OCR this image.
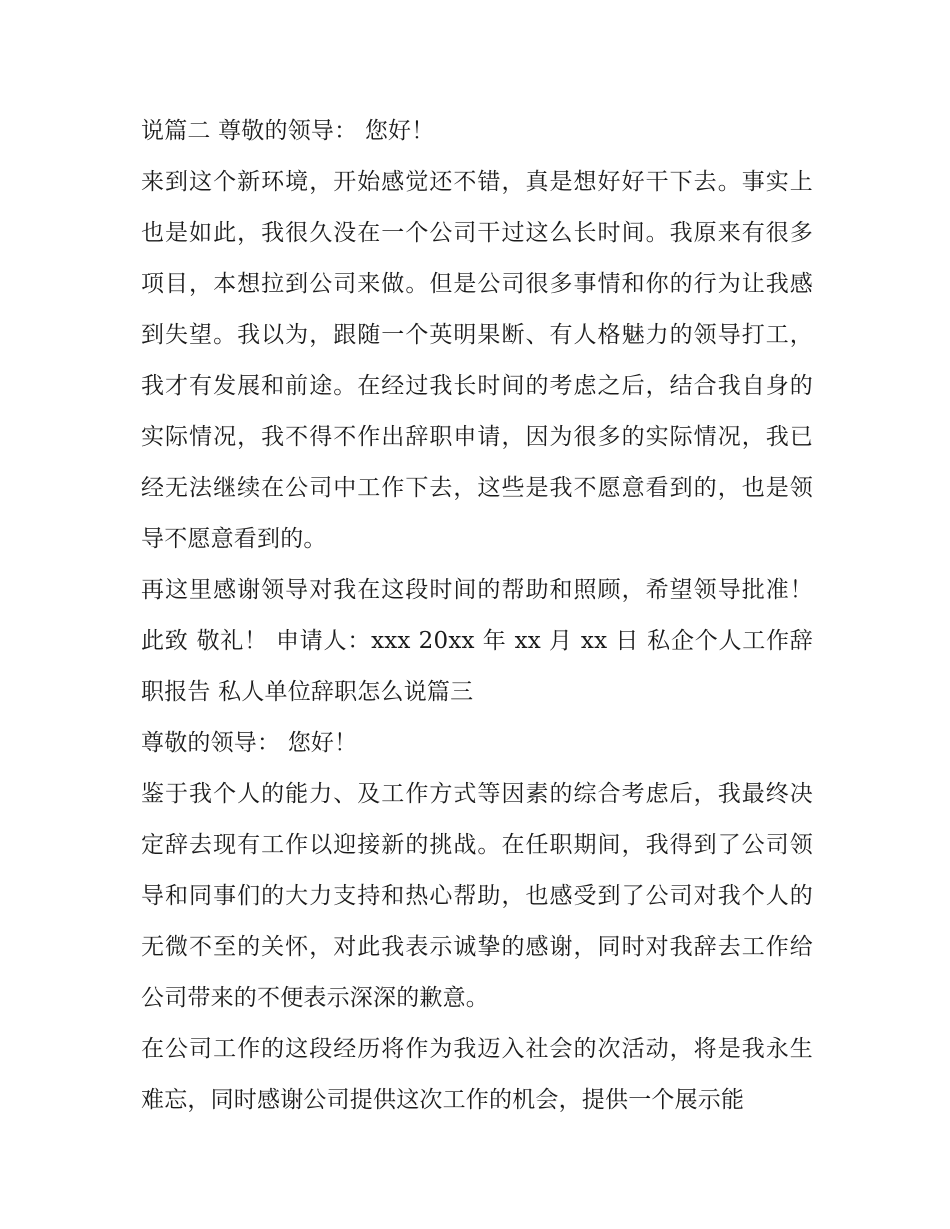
说篇二 尊敬的领导： 您好！

来到这个新环境，开始感觉还不错，真是想好好干下去。事实上也是如此，我很久没在一个公司干过这么长时间。我原来有很多项目，本想拉到公司来做。但是公司很多事情和你的行为让我感到失望。我以为，跟随一个英明果断、有人格魅力的领导打工，我才有发展和前途。在经过我长时间的考虑之后，结合我自身的实际情况，我不得不作出辞职申请，因为很多的实际情况，我已经无法继续在公司中工作下去，这些是我不愿意看到的，也是领导不愿意看到的。

再这里感谢领导对我在这段时间的帮助和照顾，希望领导批准！ 此致 敬礼！ 申请人：xxx 20xx 年 xx 月 xx 日 私企个人工作辞职报告 私人单位辞职怎么说篇三

尊敬的领导： 您好！

鉴于我个人的能力、及工作方式等因素的综合考虑后，我最终决定辞去现有工作以迎接新的挑战。在任职期间，我得到了公司领导和同事们的大力支持和热心帮助，也感受到了公司对我个人的无微不至的关怀，对此我表示诚挚的感谢，同时对我辞去工作给公司带来的不便表示深深的歉意。

在公司工作的这段经历将作为我迈入社会的次活动，将是我永生难忘，同时感谢公司提供这次工作的机会，提供一个展示能
